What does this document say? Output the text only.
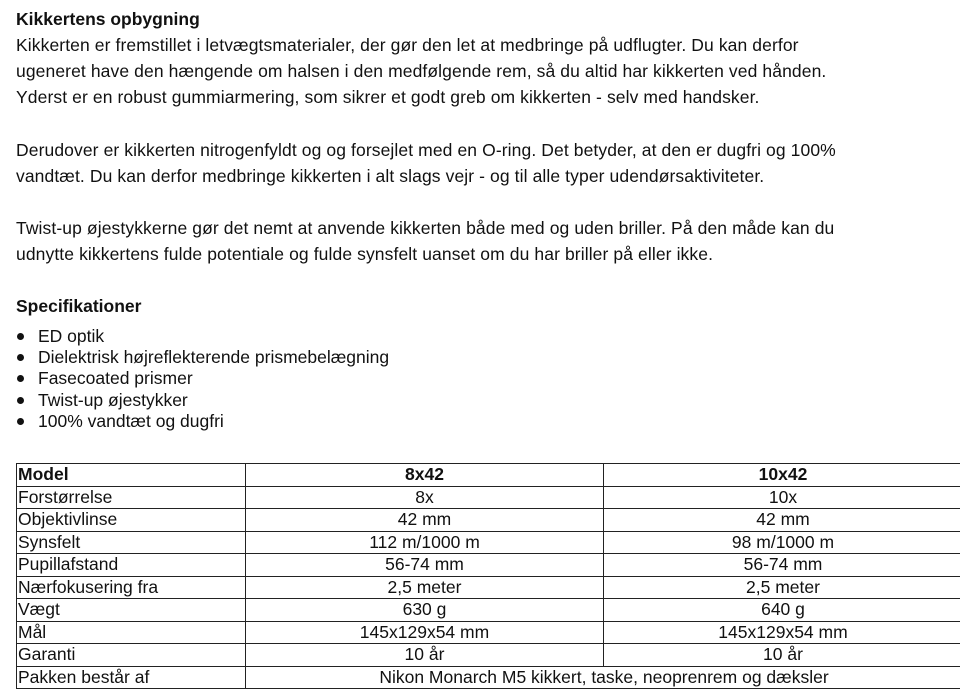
Kikkertens opbygning

Kikkerten er fremstillet i letvægtsmaterialer, der gør den let at medbringe på udflugter. Du kan derfor
ugeneret have den hængende om halsen i den medfølgende rem, så du altid har kikkerten ved hånden.
Yderst er en robust gummiarmering, som sikrer et godt greb om kikkerten - selv med handsker.

Derudover er kikkerten nitrogenfyldt og og forsejlet med en O-ring. Det betyder, at den er dugfri og 100%
vandtæt. Du kan derfor medbringe kikkerten i alt slags vejr - og til alle typer udendørsaktiviteter.

Twist-up øjestykkerne gør det nemt at anvende kikkerten både med og uden briller. På den måde kan du
udnytte kikkertens fulde potentiale og fulde synsfelt uanset om du har briller på eller ikke.

Specifikationer
ED optik
Dielektrisk højreflekterende prismebelægning
Fasecoated prismer
Twist-up øjestykker
100% vandtæt og dugfri
Model	8x42	10x42
Forstørrelse	8x	10x
Objektivlinse	42 mm	42 mm
Synsfelt	112 m/1000 m	98 m/1000 m
Pupillafstand	56-74 mm	56-74 mm
Nærfokusering fra	2,5 meter	2,5 meter
Vægt	630 g	640 g
Mål	145x129x54 mm	145x129x54 mm
Garanti	10 år	10 år
Pakken består af	Nikon Monarch M5 kikkert, taske, neoprenrem og dæksler	
